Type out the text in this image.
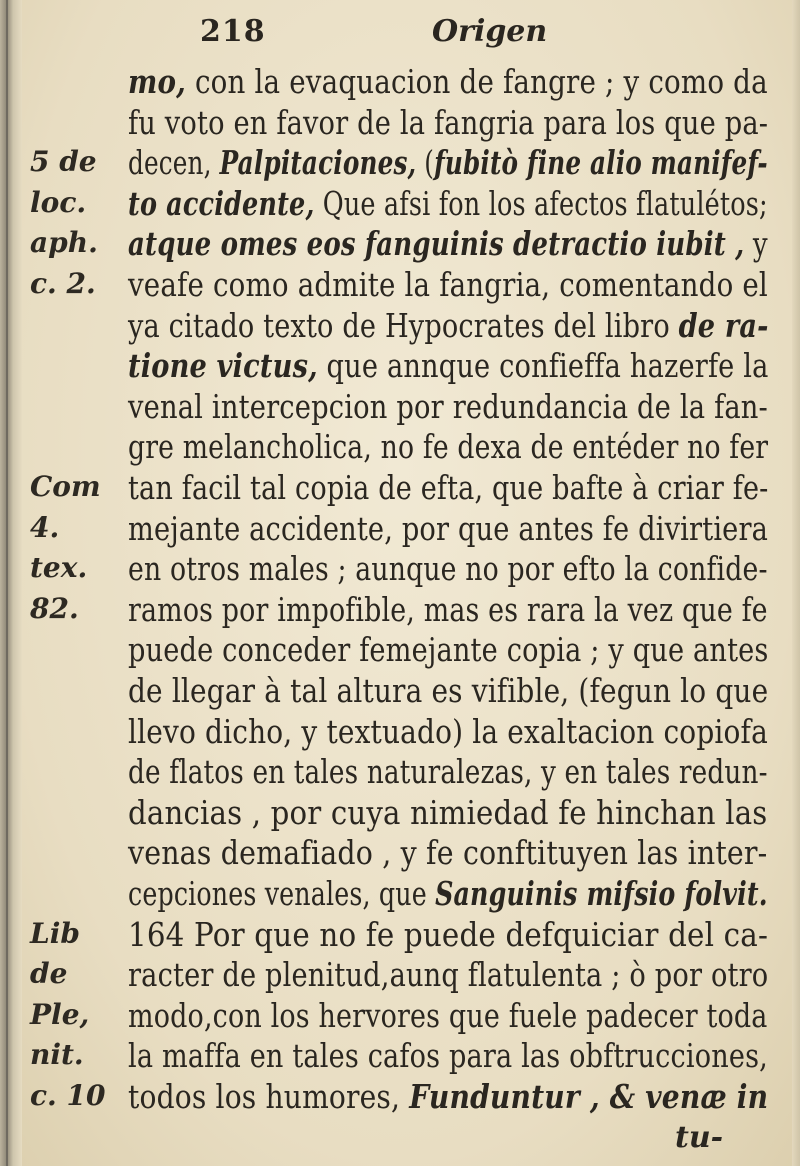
218	Origen
mo, con la evaquacion de fangre ; y como da
fu voto en favor de la fangria para los que pa-
decen, Palpitaciones, (fubitò fine alio manifef-
to accidente, Que afsi fon los afectos flatulétos;
atque omes eos fanguinis detractio iubit , y
veafe como admite la fangria, comentando el
ya citado texto de Hypocrates del libro de ra-
tione victus, que annque confieffa hazerfe la
venal intercepcion por redundancia de la fan-
gre melancholica, no fe dexa de entéder no fer
tan facil tal copia de efta, que bafte à criar fe-
mejante accidente, por que antes fe divirtiera
en otros males ; aunque no por efto la confide-
ramos por impofible, mas es rara la vez que fe
puede conceder femejante copia ; y que antes
de llegar à tal altura es vifible, (fegun lo que
llevo dicho, y textuado) la exaltacion copiofa
de flatos en tales naturalezas, y en tales redun-
dancias , por cuya nimiedad fe hinchan las
venas demafiado , y fe conftituyen las inter-
cepciones venales, que Sanguinis mifsio folvit.
164 Por que no fe puede defquiciar del ca-
racter de plenitud,aunq flatulenta ; ò por otro
modo,con los hervores que fuele padecer toda
la maffa en tales cafos para las obftrucciones,
todos los humores, Funduntur , & venæ in
5 de
loc.
aph.
c. 2.
Com
4.
tex.
82.
Lib
de
Ple,
nit.
c. 10
tu-
